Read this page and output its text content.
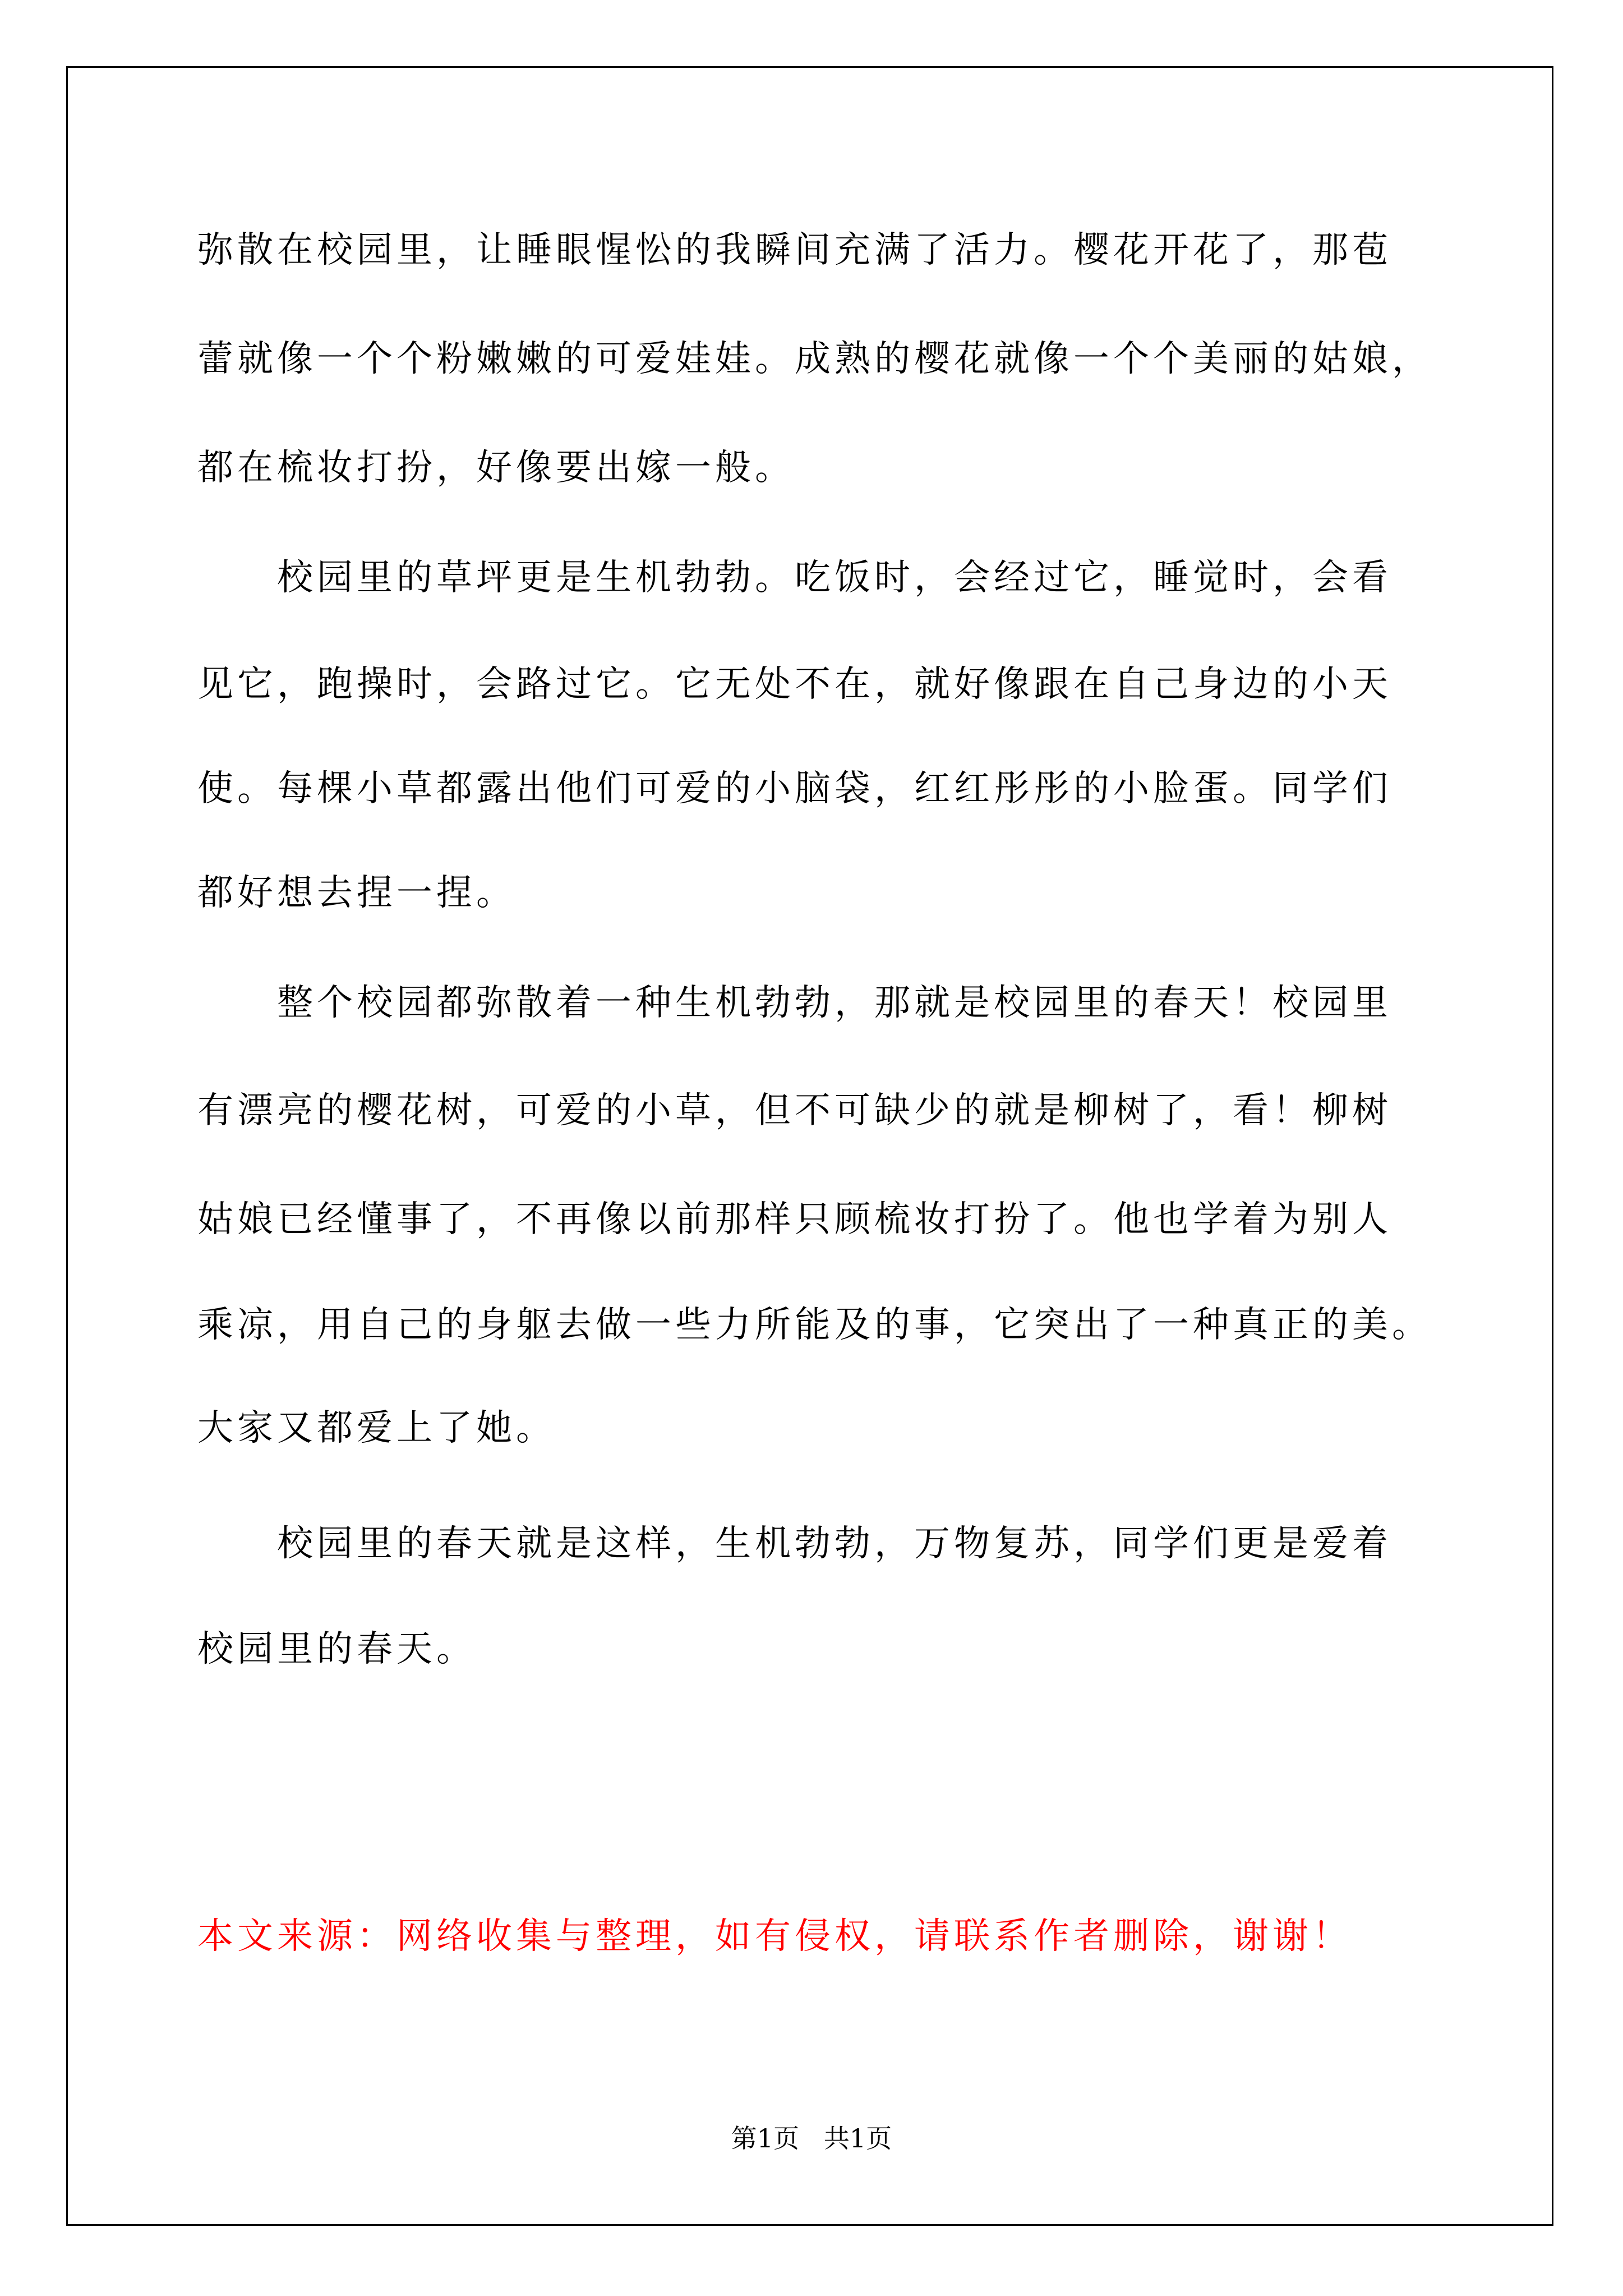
弥散在校园里，让睡眼惺忪的我瞬间充满了活力。樱花开花了，那苞

蕾就像一个个粉嫩嫩的可爱娃娃。成熟的樱花就像一个个美丽的姑娘，

都在梳妆打扮，好像要出嫁一般。

　　校园里的草坪更是生机勃勃。吃饭时，会经过它，睡觉时，会看

见它，跑操时，会路过它。它无处不在，就好像跟在自己身边的小天

使。每棵小草都露出他们可爱的小脑袋，红红彤彤的小脸蛋。同学们

都好想去捏一捏。

　　整个校园都弥散着一种生机勃勃，那就是校园里的春天！校园里

有漂亮的樱花树，可爱的小草，但不可缺少的就是柳树了，看！柳树

姑娘已经懂事了，不再像以前那样只顾梳妆打扮了。他也学着为别人

乘凉，用自己的身躯去做一些力所能及的事，它突出了一种真正的美。

大家又都爱上了她。

　　校园里的春天就是这样，生机勃勃，万物复苏，同学们更是爱着

校园里的春天。

本文来源：网络收集与整理，如有侵权，请联系作者删除，谢谢！
第1页   共1页
